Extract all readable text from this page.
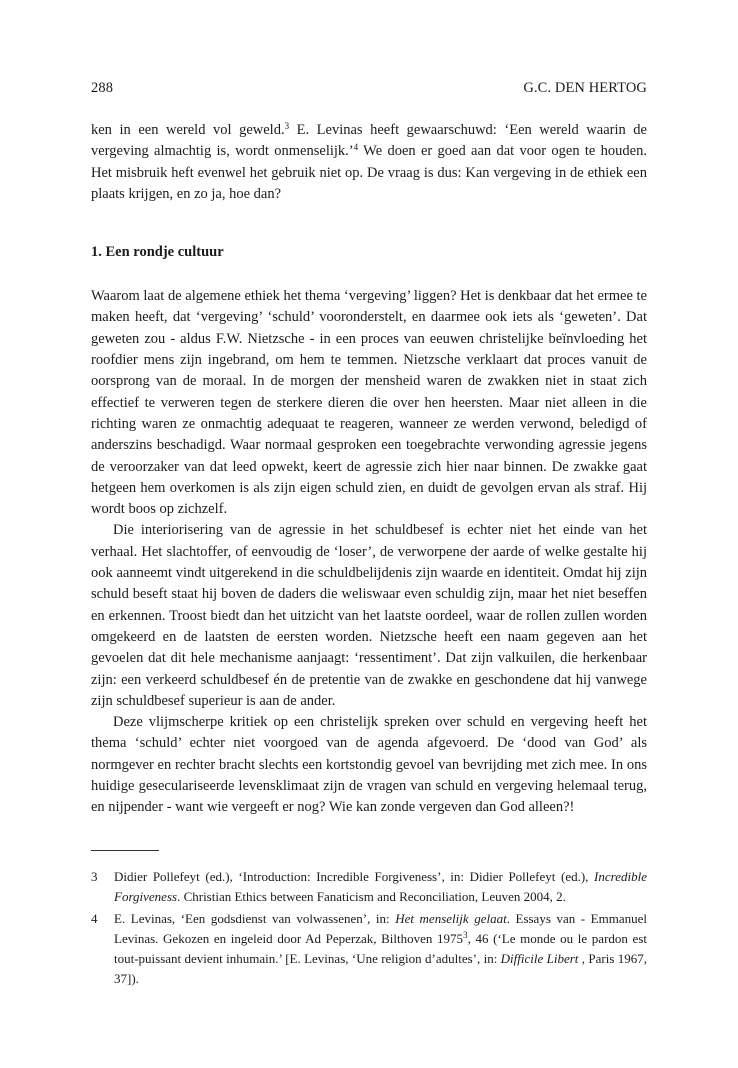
288	G.C. DEN HERTOG

ken in een wereld vol geweld.$^3$ E. Levinas heeft gewaarschuwd: ‘Een wereld waarin de vergeving almachtig is, wordt onmenselijk.’$^4$ We doen er goed aan dat voor ogen te houden. Het misbruik heft evenwel het gebruik niet op. De vraag is dus: Kan vergeving in de ethiek een plaats krijgen, en zo ja, hoe dan?

1. Een rondje cultuur

Waarom laat de algemene ethiek het thema ‘vergeving’ liggen? Het is denkbaar dat het ermee te maken heeft, dat ‘vergeving’ ‘schuld’ vooronderstelt, en daarmee ook iets als ‘geweten’. Dat geweten zou - aldus F.W. Nietzsche - in een proces van eeuwen christelijke beïnvloeding het roofdier mens zijn ingebrand, om hem te temmen. Nietzsche verklaart dat proces vanuit de oorsprong van de moraal. In de morgen der mensheid waren de zwakken niet in staat zich effectief te verweren tegen de sterkere dieren die over hen heersten. Maar niet alleen in die richting waren ze onmachtig adequaat te reageren, wanneer ze werden verwond, beledigd of anderszins beschadigd. Waar normaal gesproken een toegebrachte verwonding agressie jegens de veroorzaker van dat leed opwekt, keert de agressie zich hier naar binnen. De zwakke gaat hetgeen hem overkomen is als zijn eigen schuld zien, en duidt de gevolgen ervan als straf. Hij wordt boos op zichzelf.

Die interiorisering van de agressie in het schuldbesef is echter niet het einde van het verhaal. Het slachtoffer, of eenvoudig de ‘loser’, de verworpene der aarde of welke gestalte hij ook aanneemt vindt uitgerekend in die schuldbelijdenis zijn waarde en identiteit. Omdat hij zijn schuld beseft staat hij boven de daders die weliswaar even schuldig zijn, maar het niet beseffen en erkennen. Troost biedt dan het uitzicht van het laatste oordeel, waar de rollen zullen worden omgekeerd en de laatsten de eersten worden. Nietzsche heeft een naam gegeven aan het gevoelen dat dit hele mechanisme aanjaagt: ‘ressentiment’. Dat zijn valkuilen, die herkenbaar zijn: een verkeerd schuldbesef én de pretentie van de zwakke en geschondene dat hij vanwege zijn schuldbesef superieur is aan de ander.

Deze vlijmscherpe kritiek op een christelijk spreken over schuld en vergeving heeft het thema ‘schuld’ echter niet voorgoed van de agenda afgevoerd. De ‘dood van God’ als normgever en rechter bracht slechts een kortstondig gevoel van bevrijding met zich mee. In ons huidige geseculariseerde levensklimaat zijn de vragen van schuld en vergeving helemaal terug, en nijpender - want wie vergeeft er nog? Wie kan zonde vergeven dan God alleen?!

3	Didier Pollefeyt (ed.), ‘Introduction: Incredible Forgiveness’, in: Didier Pollefeyt (ed.), Incredible Forgiveness. Christian Ethics between Fanaticism and Reconciliation, Leuven 2004, 2.
4	E. Levinas, ‘Een godsdienst van volwassenen’, in: Het menselijk gelaat. Essays van - Emmanuel Levinas. Gekozen en ingeleid door Ad Peperzak, Bilthoven 1975$^3$, 46 (‘Le monde ou le pardon est tout-puissant devient inhumain.’ [E. Levinas, ‘Une religion d’adultes’, in: Difficile Libert , Paris 1967, 37]).
